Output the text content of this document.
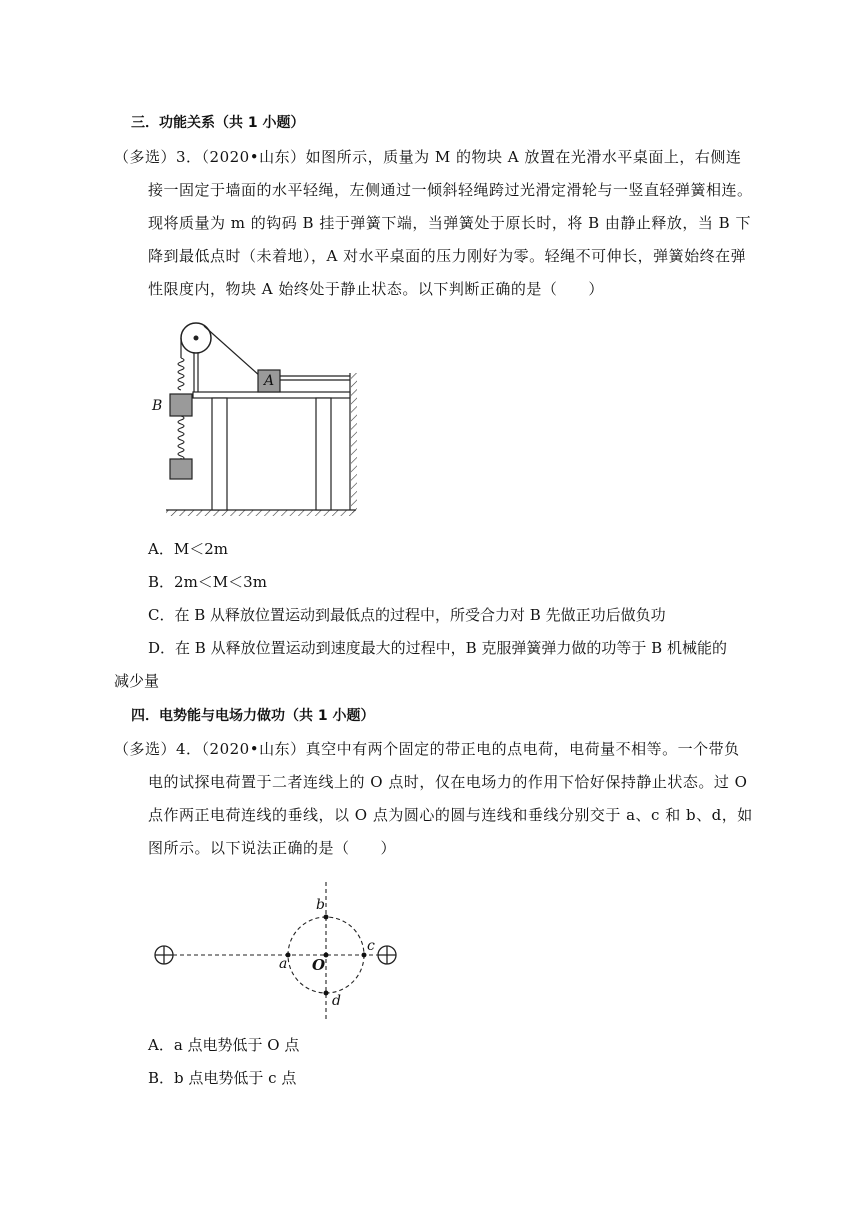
三．功能关系（共 1 小题）
（多选）3．（2020•山东）如图所示，质量为 M 的物块 A 放置在光滑水平桌面上，右侧连
接一固定于墙面的水平轻绳，左侧通过一倾斜轻绳跨过光滑定滑轮与一竖直轻弹簧相连。
现将质量为 m 的钩码 B 挂于弹簧下端，当弹簧处于原长时，将 B 由静止释放，当 B 下
降到最低点时（未着地），A 对水平桌面的压力刚好为零。轻绳不可伸长，弹簧始终在弹
性限度内，物块 A 始终处于静止状态。以下判断正确的是（　　）
A
B
A．M＜2m
B．2m＜M＜3m
C．在 B 从释放位置运动到最低点的过程中，所受合力对 B 先做正功后做负功
D．在 B 从释放位置运动到速度最大的过程中，B 克服弹簧弹力做的功等于 B 机械能的
减少量
四．电势能与电场力做功（共 1 小题）
（多选）4．（2020•山东）真空中有两个固定的带正电的点电荷，电荷量不相等。一个带负
电的试探电荷置于二者连线上的 O 点时，仅在电场力的作用下恰好保持静止状态。过 O
点作两正电荷连线的垂线，以 O 点为圆心的圆与连线和垂线分别交于 a、c 和 b、d，如
图所示。以下说法正确的是（　　）
a
b
c
d
O
A．a 点电势低于 O 点
B．b 点电势低于 c 点
